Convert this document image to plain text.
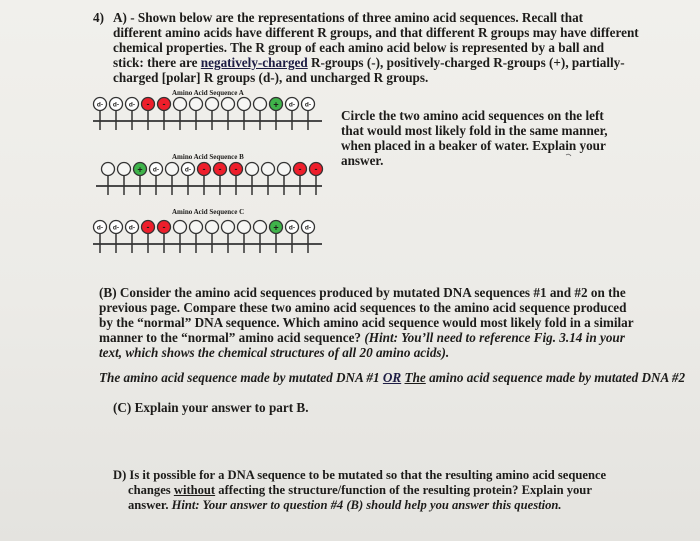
4) A) - Shown below are the representations of three amino acid sequences. Recall that
different amino acids have different R groups, and that different R groups may have different
chemical properties. The R group of each amino acid below is represented by a ball and
stick: there are negatively-charged R-groups (-), positively-charged R-groups (+), partially-
charged [polar] R groups (d-), and uncharged R groups.
Amino Acid Sequence A
Amino Acid Sequence B
Amino Acid Sequence C
d- d- d- - -	+ d- d-
+ d-	d- - - -	- -
d- d- d- - -	+ d- d-
Circle the two amino acid sequences on the left
that would most likely fold in the same manner,
when placed in a beaker of water. Explain your
answer.
(B) Consider the amino acid sequences produced by mutated DNA sequences #1 and #2 on the
previous page. Compare these two amino acid sequences to the amino acid sequence produced
by the “normal” DNA sequence. Which amino acid sequence would most likely fold in a similar
manner to the “normal” amino acid sequence? (Hint: You’ll need to reference Fig. 3.14 in your
text, which shows the chemical structures of all 20 amino acids).
The amino acid sequence made by mutated DNA #1 OR The amino acid sequence made by mutated DNA #2
(C) Explain your answer to part B.
D) Is it possible for a DNA sequence to be mutated so that the resulting amino acid sequence
changes without affecting the structure/function of the resulting protein? Explain your
answer. Hint: Your answer to question #4 (B) should help you answer this question.
